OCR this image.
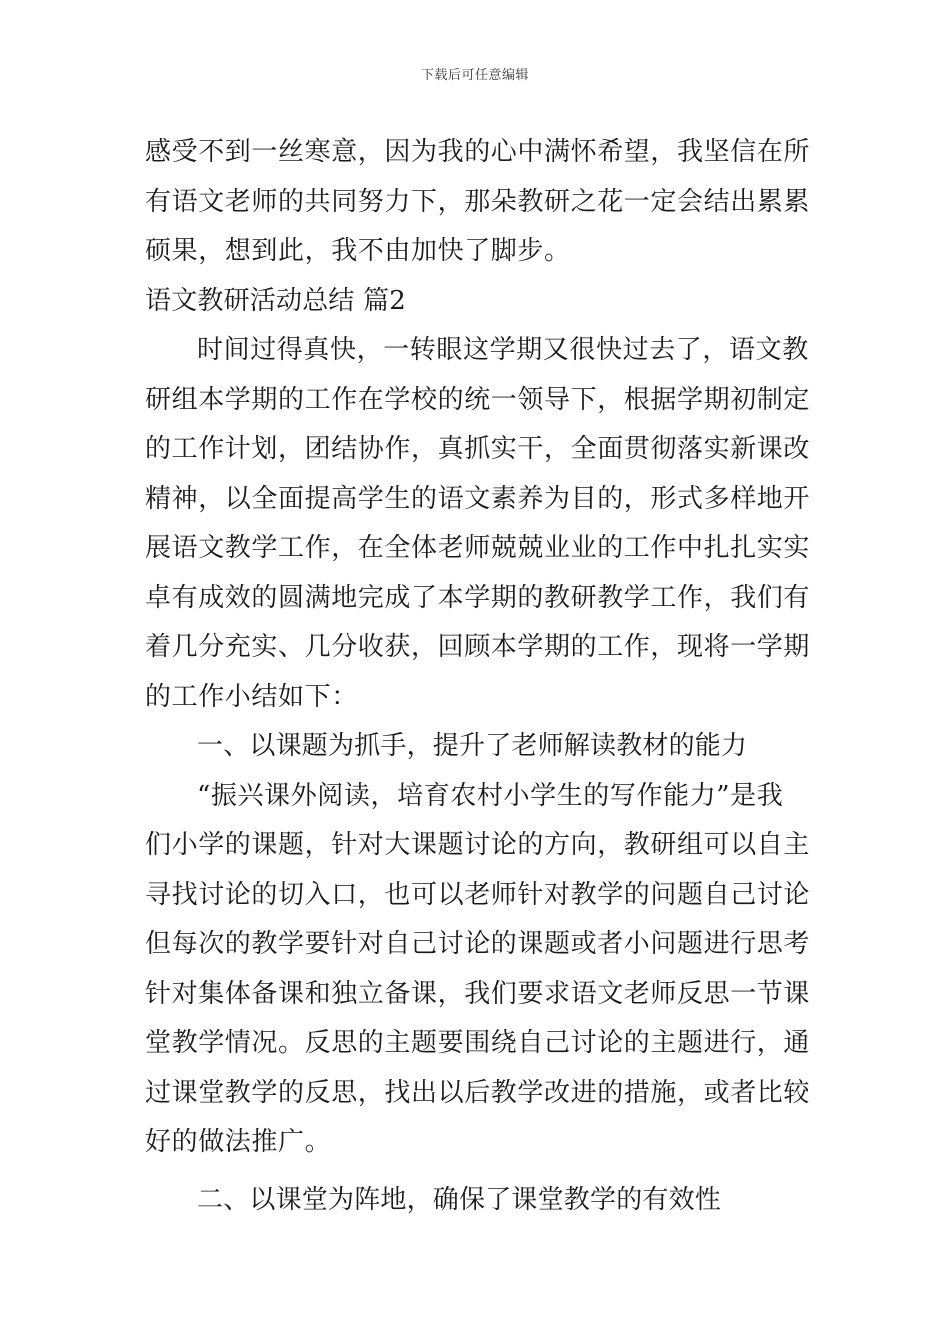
下载后可任意编辑
感受不到一丝寒意，因为我的心中满怀希望，我坚信在所
有语文老师的共同努力下，那朵教研之花一定会结出累累
硕果，想到此，我不由加快了脚步。
语文教研活动总结 篇2
时间过得真快，一转眼这学期又很快过去了，语文教
研组本学期的工作在学校的统一领导下，根据学期初制定
的工作计划，团结协作，真抓实干，全面贯彻落实新课改
精神，以全面提高学生的语文素养为目的，形式多样地开
展语文教学工作，在全体老师兢兢业业的工作中扎扎实实
卓有成效的圆满地完成了本学期的教研教学工作，我们有
着几分充实、几分收获，回顾本学期的工作，现将一学期
的工作小结如下：
一、以课题为抓手，提升了老师解读教材的能力
“振兴课外阅读，培育农村小学生的写作能力”是我
们小学的课题，针对大课题讨论的方向，教研组可以自主
寻找讨论的切入口，也可以老师针对教学的问题自己讨论
但每次的教学要针对自己讨论的课题或者小问题进行思考
针对集体备课和独立备课，我们要求语文老师反思一节课
堂教学情况。反思的主题要围绕自己讨论的主题进行，通
过课堂教学的反思，找出以后教学改进的措施，或者比较
好的做法推广。
二、以课堂为阵地，确保了课堂教学的有效性
